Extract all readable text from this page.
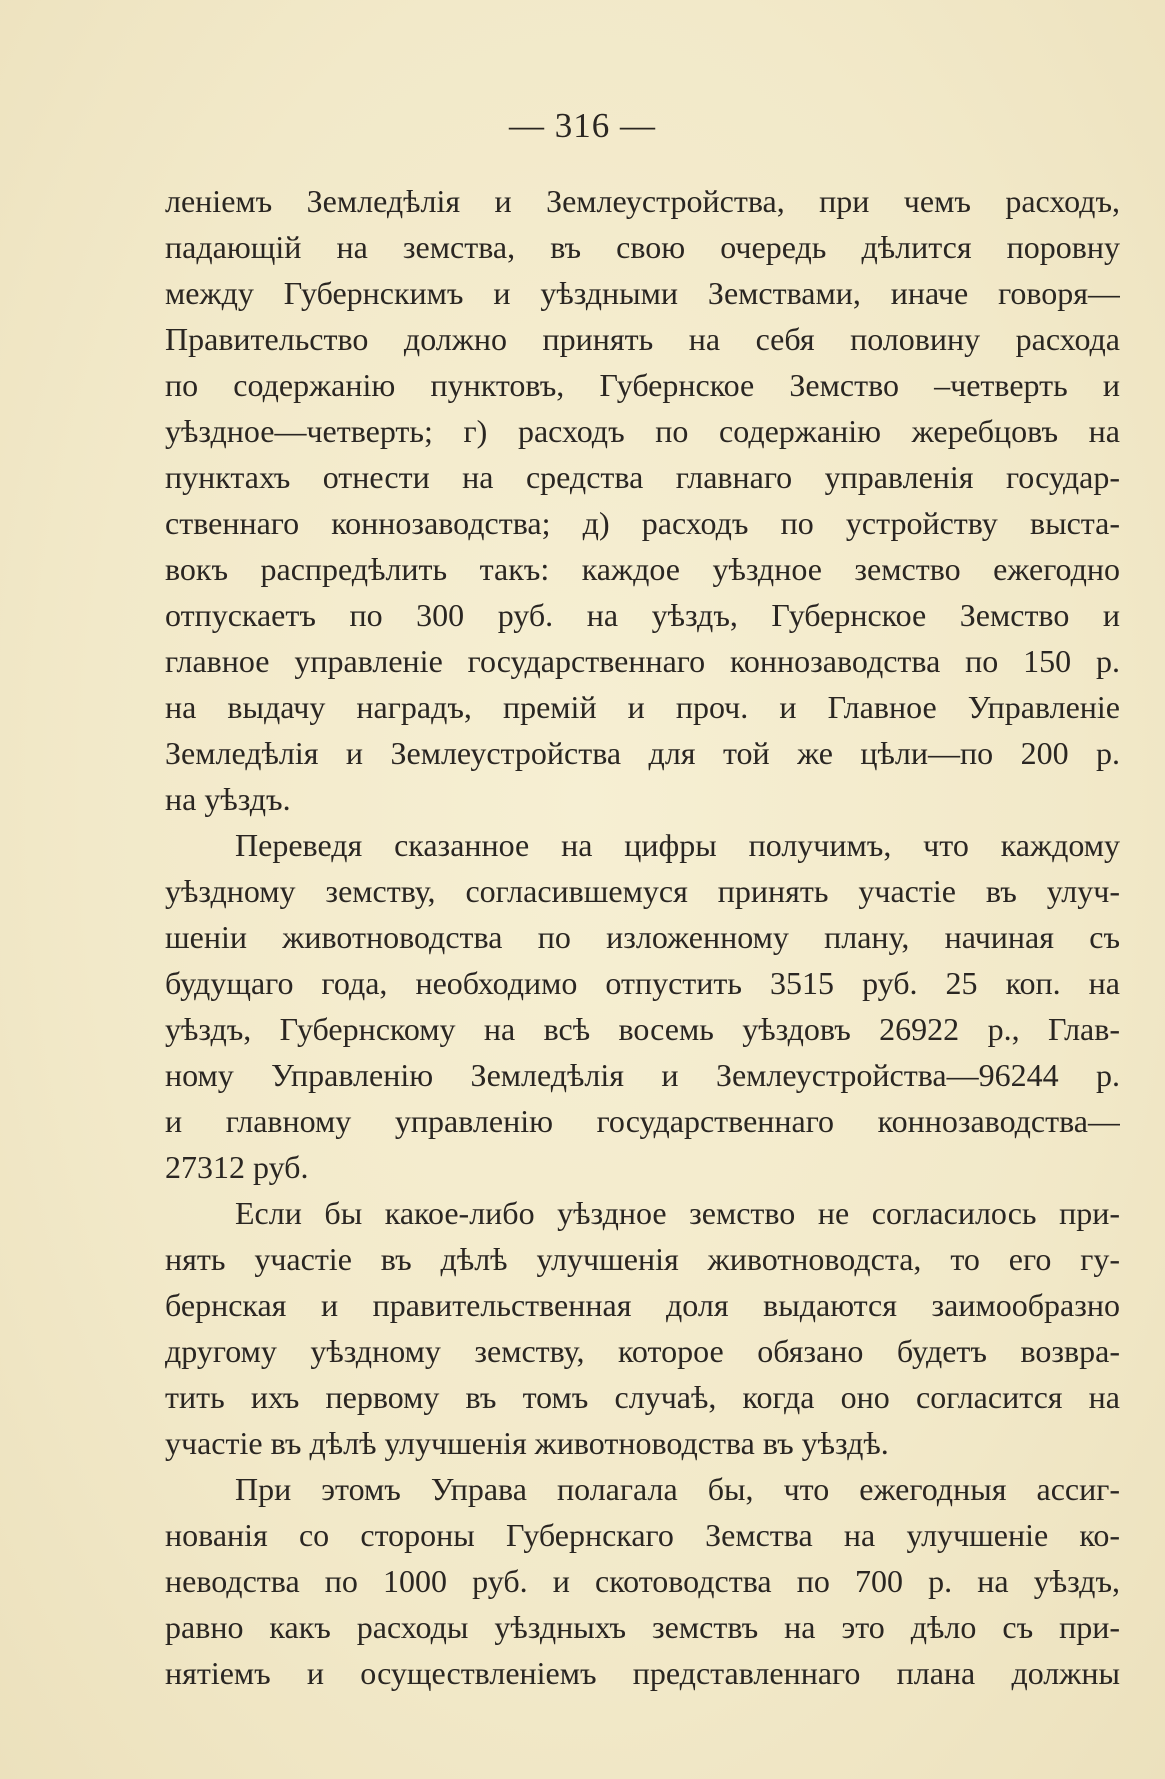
— 316 —
леніемъ Земледѣлія и Землеустройства, при чемъ расходъ,
падающій на земства, въ свою очередь дѣлится поровну
между Губернскимъ и уѣздными Земствами, иначе говоря—
Правительство должно принять на себя половину расхода
по содержанію пунктовъ, Губернское Земство –четверть и
уѣздное—четверть; г) расходъ по содержанію жеребцовъ на
пунктахъ отнести на средства главнаго управленія государ-
ственнаго коннозаводства; д) расходъ по устройству выста-
вокъ распредѣлить такъ: каждое уѣздное земство ежегодно
отпускаетъ по 300 руб. на уѣздъ, Губернское Земство и
главное управленіе государственнаго коннозаводства по 150 р.
на выдачу наградъ, премій и проч. и Главное Управленіе
Земледѣлія и Землеустройства для той же цѣли—по 200 р.
на уѣздъ.
Переведя сказанное на цифры получимъ, что каждому
уѣздному земству, согласившемуся принять участіе въ улуч-
шеніи животноводства по изложенному плану, начиная съ
будущаго года, необходимо отпустить 3515 руб. 25 коп. на
уѣздъ, Губернскому на всѣ восемь уѣздовъ 26922 р., Глав-
ному Управленію Земледѣлія и Землеустройства—96244 р.
и главному управленію государственнаго коннозаводства—
27312 руб.
Если бы какое-либо уѣздное земство не согласилось при-
нять участіе въ дѣлѣ улучшенія животноводста, то его гу-
бернская и правительственная доля выдаются заимообразно
другому уѣздному земству, которое обязано будетъ возвра-
тить ихъ первому въ томъ случаѣ, когда оно согласится на
участіе въ дѣлѣ улучшенія животноводства въ уѣздѣ.
При этомъ Управа полагала бы, что ежегодныя ассиг-
нованія со стороны Губернскаго Земства на улучшеніе ко-
неводства по 1000 руб. и скотоводства по 700 р. на уѣздъ,
равно какъ расходы уѣздныхъ земствъ на это дѣло съ при-
нятіемъ и осуществленіемъ представленнаго плана должны
